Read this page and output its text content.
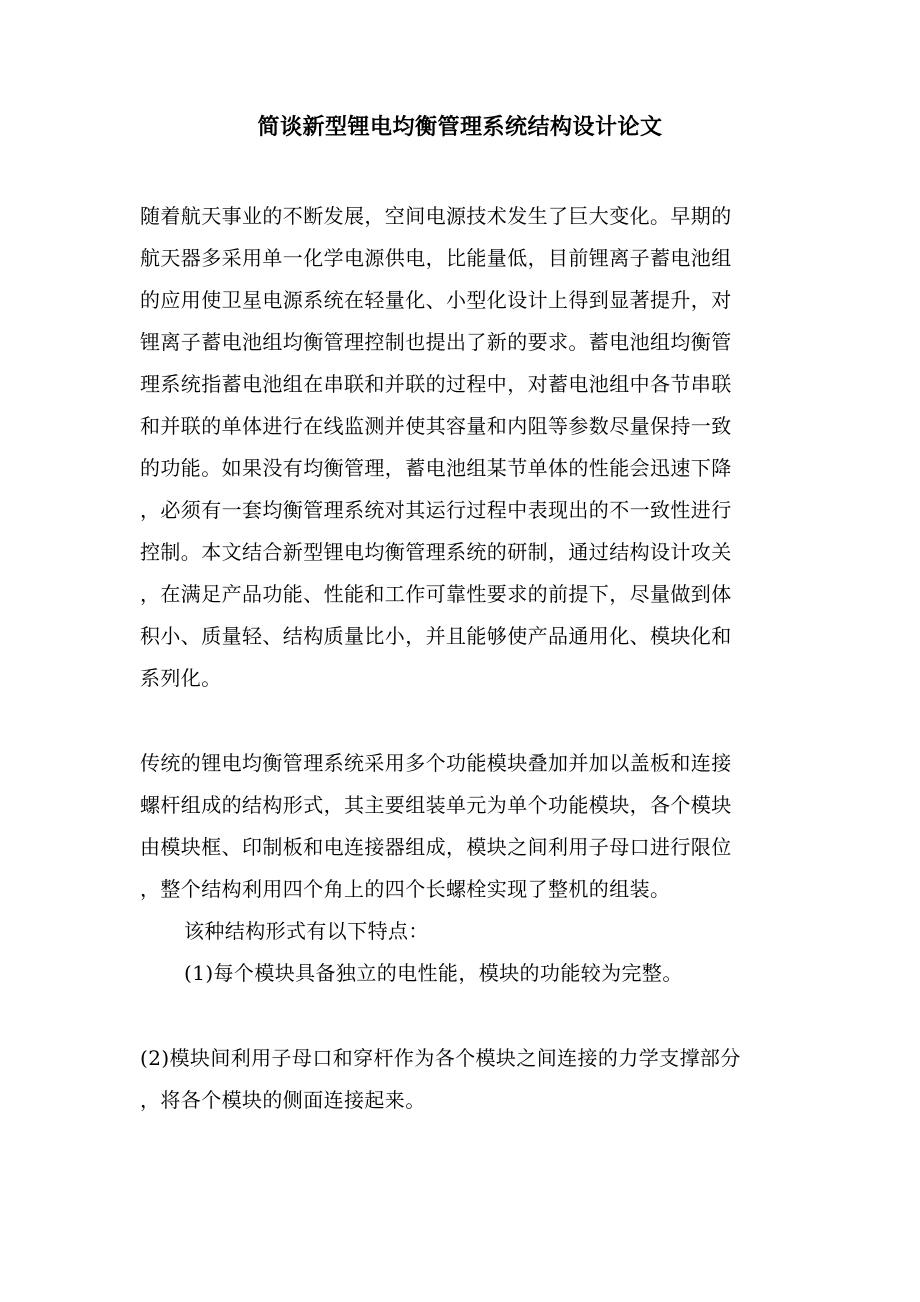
简谈新型锂电均衡管理系统结构设计论文
随着航天事业的不断发展，空间电源技术发生了巨大变化。早期的
航天器多采用单一化学电源供电，比能量低，目前锂离子蓄电池组
的应用使卫星电源系统在轻量化、小型化设计上得到显著提升，对
锂离子蓄电池组均衡管理控制也提出了新的要求。蓄电池组均衡管
理系统指蓄电池组在串联和并联的过程中，对蓄电池组中各节串联
和并联的单体进行在线监测并使其容量和内阻等参数尽量保持一致
的功能。如果没有均衡管理，蓄电池组某节单体的性能会迅速下降
，必须有一套均衡管理系统对其运行过程中表现出的不一致性进行
控制。本文结合新型锂电均衡管理系统的研制，通过结构设计攻关
，在满足产品功能、性能和工作可靠性要求的前提下，尽量做到体
积小、质量轻、结构质量比小，并且能够使产品通用化、模块化和
系列化。
传统的锂电均衡管理系统采用多个功能模块叠加并加以盖板和连接
螺杆组成的结构形式，其主要组装单元为单个功能模块，各个模块
由模块框、印制板和电连接器组成，模块之间利用子母口进行限位
，整个结构利用四个角上的四个长螺栓实现了整机的组装。
该种结构形式有以下特点：
(1)每个模块具备独立的电性能，模块的功能较为完整。
(2)模块间利用子母口和穿杆作为各个模块之间连接的力学支撑部分
，将各个模块的侧面连接起来。
